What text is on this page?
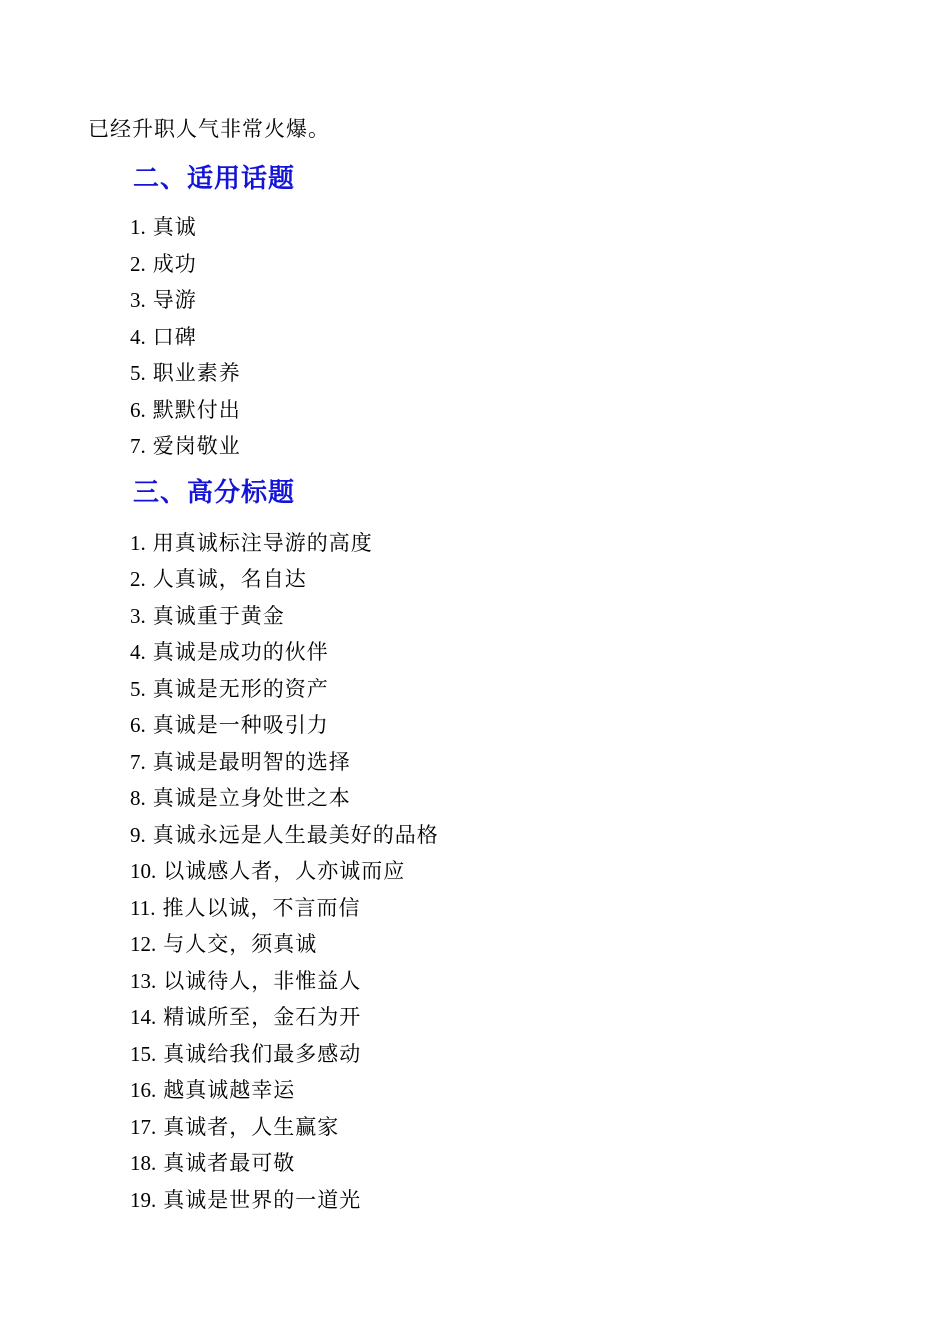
已经升职人气非常火爆。

二、适用话题
1. 真诚
2. 成功
3. 导游
4. 口碑
5. 职业素养
6. 默默付出
7. 爱岗敬业
三、高分标题
1. 用真诚标注导游的高度
2. 人真诚，名自达
3. 真诚重于黄金
4. 真诚是成功的伙伴
5. 真诚是无形的资产
6. 真诚是一种吸引力
7. 真诚是最明智的选择
8. 真诚是立身处世之本
9. 真诚永远是人生最美好的品格
10. 以诚感人者，人亦诚而应
11. 推人以诚，不言而信
12. 与人交，须真诚
13. 以诚待人，非惟益人
14. 精诚所至，金石为开
15. 真诚给我们最多感动
16. 越真诚越幸运
17. 真诚者，人生赢家
18. 真诚者最可敬
19. 真诚是世界的一道光
